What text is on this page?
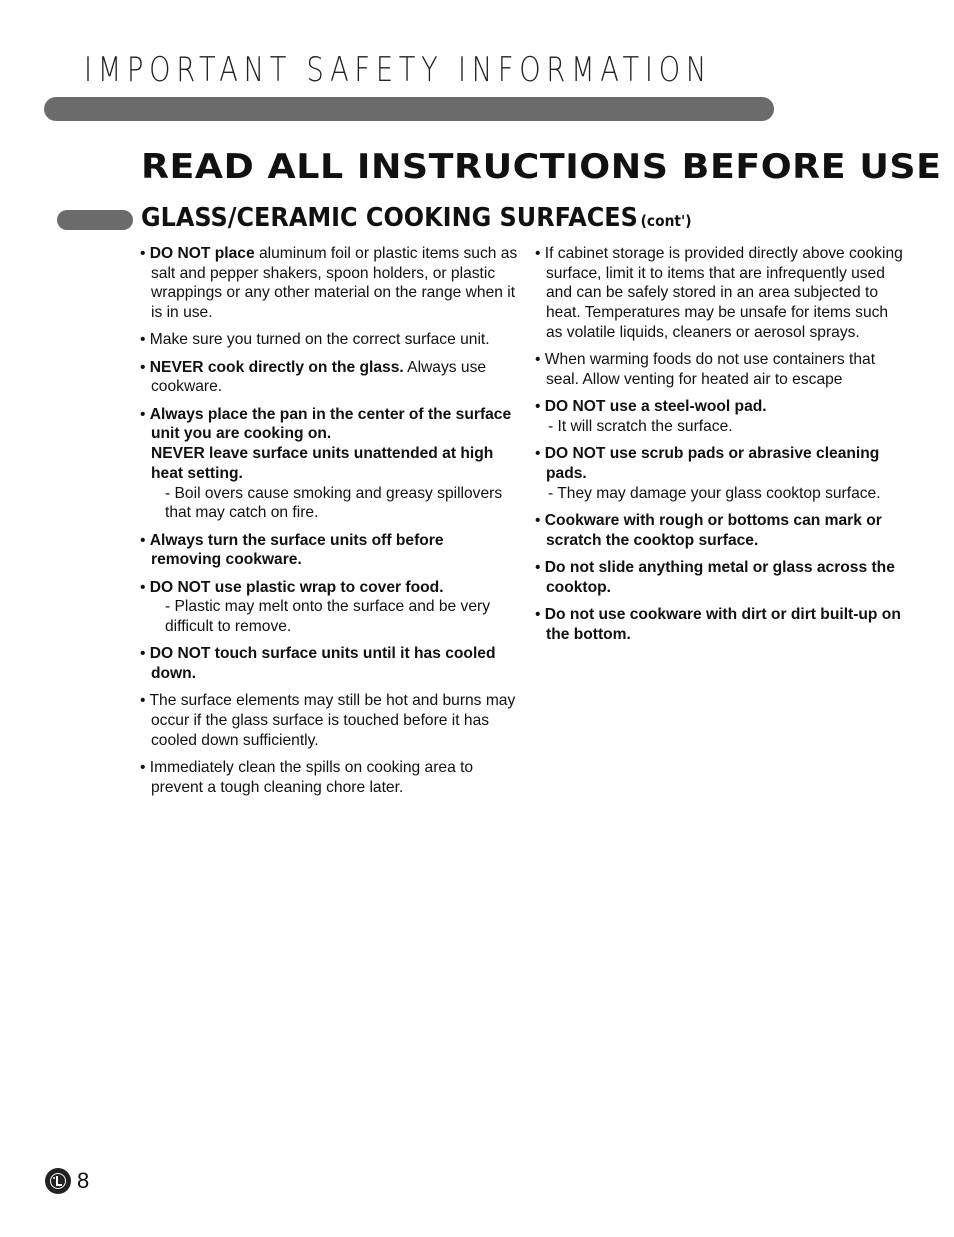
IMPORTANT SAFETY INFORMATION
READ ALL INSTRUCTIONS BEFORE USE
GLASS/CERAMIC COOKING SURFACES (cont')
• DO NOT place aluminum foil or plastic items such as salt and pepper shakers, spoon holders, or plastic wrappings or any other material on the range when it is in use.
• Make sure you turned on the correct surface unit.
• NEVER cook directly on the glass. Always use cookware.
• Always place the pan in the center of the surface unit you are cooking on.
NEVER leave surface units unattended at high heat setting.
- Boil overs cause smoking and greasy spillovers that may catch on fire.
• Always turn the surface units off before removing cookware.
• DO NOT use plastic wrap to cover food.
- Plastic may melt onto the surface and be very difficult to remove.
• DO NOT touch surface units until it has cooled down.
• The surface elements may still be hot and burns may occur if the glass surface is touched before it has cooled down sufficiently.
• Immediately clean the spills on cooking area to prevent a tough cleaning chore later.
• If cabinet storage is provided directly above cooking surface, limit it to items that are infrequently used and can be safely stored in an area subjected to heat. Temperatures may be unsafe for items such as volatile liquids, cleaners or aerosol sprays.
• When warming foods do not use containers that seal. Allow venting for heated air to escape
• DO NOT use a steel-wool pad.
- It will scratch the surface.
• DO NOT use scrub pads or abrasive cleaning pads.
- They may damage your glass cooktop surface.
• Cookware with rough or bottoms can mark or scratch the cooktop surface.
• Do not slide anything metal or glass across the cooktop.
• Do not use cookware with dirt or dirt built-up on the bottom.
8
